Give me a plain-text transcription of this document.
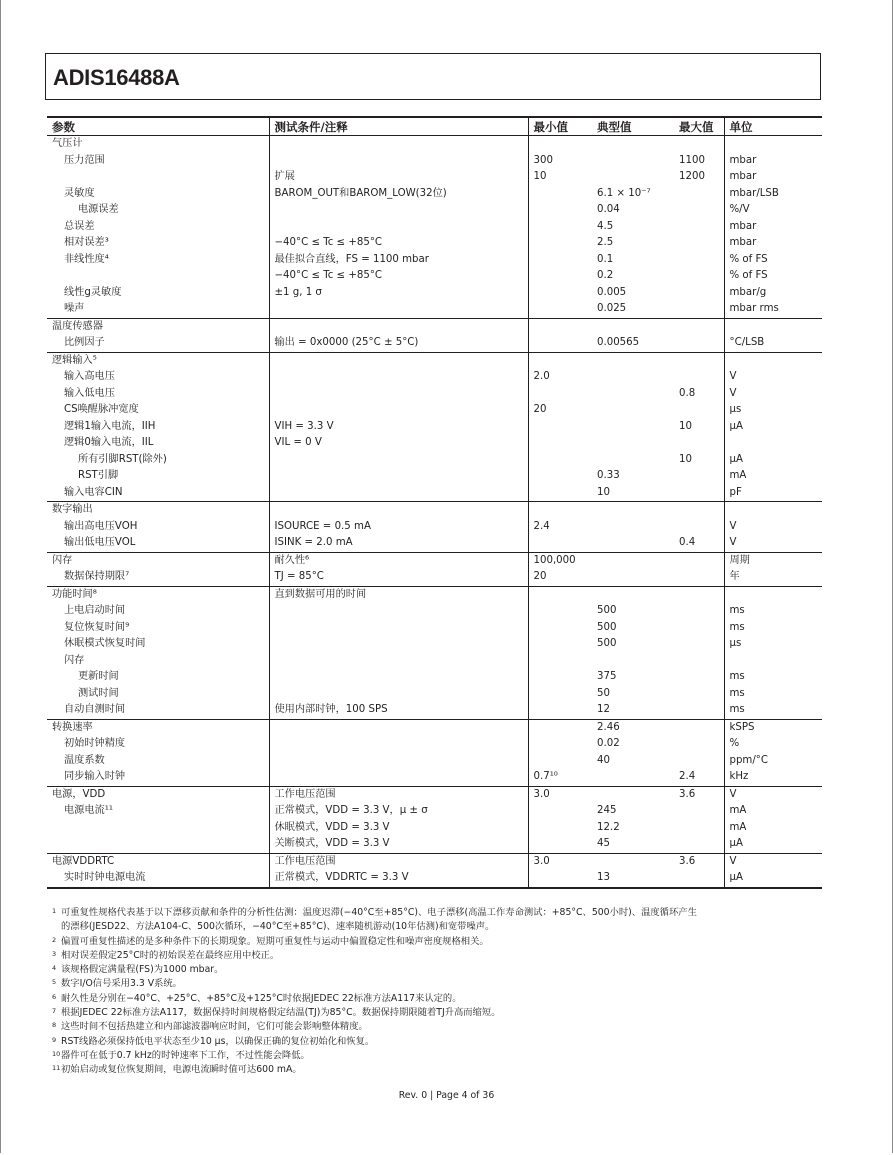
ADIS16488A
参数	测试条件/注释	最小值	典型值	最大值	单位
气压计					
压力范围		300		1100	mbar
	扩展	10		1200	mbar
灵敏度	BAROM_OUT和BAROM_LOW(32位)		6.1 × 10⁻⁷		mbar/LSB
电源误差			0.04		%/V
总误差			4.5		mbar
相对误差³	−40°C ≤ Tc ≤ +85°C		2.5		mbar
非线性度⁴	最佳拟合直线，FS = 1100 mbar		0.1		% of FS
	−40°C ≤ Tc ≤ +85°C		0.2		% of FS
线性g灵敏度	±1 g, 1 σ		0.005		mbar/g
噪声			0.025		mbar rms
温度传感器					
比例因子	输出 = 0x0000 (25°C ± 5°C)		0.00565		°C/LSB
逻辑输入⁵					
输入高电压		2.0			V
输入低电压				0.8	V
CS唤醒脉冲宽度		20			µs
逻辑1输入电流，IIH	VIH = 3.3 V			10	µA
逻辑0输入电流，IIL	VIL = 0 V				
所有引脚RST(除外)				10	µA
RST引脚			0.33		mA
输入电容CIN			10		pF
数字输出					
输出高电压VOH	ISOURCE = 0.5 mA	2.4			V
输出低电压VOL	ISINK = 2.0 mA			0.4	V
闪存	耐久性⁶	100,000			周期
数据保持期限⁷	TJ = 85°C	20			年
功能时间⁸	直到数据可用的时间				
上电启动时间			500		ms
复位恢复时间⁹			500		ms
休眠模式恢复时间			500		µs
闪存					
更新时间			375		ms
测试时间			50		ms
自动自测时间	使用内部时钟，100 SPS		12		ms
转换速率			2.46		kSPS
初始时钟精度			0.02		%
温度系数			40		ppm/°C
同步输入时钟		0.7¹⁰		2.4	kHz
电源，VDD	工作电压范围	3.0		3.6	V
电源电流¹¹	正常模式，VDD = 3.3 V，μ ± σ		245		mA
	休眠模式，VDD = 3.3 V		12.2		mA
	关断模式，VDD = 3.3 V		45		µA
电源VDDRTC	工作电压范围	3.0		3.6	V
实时时钟电源电流	正常模式，VDDRTC = 3.3 V		13		µA
1 可重复性规格代表基于以下漂移贡献和条件的分析性估测：温度迟滞(−40°C至+85°C)、电子漂移(高温工作寿命测试：+85°C、500小时)、温度循环产生
的漂移(JESD22、方法A104-C、500次循环，−40°C至+85°C)、速率随机游动(10年估测)和宽带噪声。
2 偏置可重复性描述的是多种条件下的长期现象。短期可重复性与运动中偏置稳定性和噪声密度规格相关。
3 相对误差假定25°C时的初始误差在最终应用中校正。
4 该规格假定满量程(FS)为1000 mbar。
5 数字I/O信号采用3.3 V系统。
6 耐久性是分别在−40°C、+25°C、+85°C及+125°C时依据JEDEC 22标准方法A117来认定的。
7 根据JEDEC 22标准方法A117，数据保持时间规格假定结温(TJ)为85°C。数据保持期限随着TJ升高而缩短。
8 这些时间不包括热建立和内部滤波器响应时间，它们可能会影响整体精度。
9 RST线路必须保持低电平状态至少10 µs，以确保正确的复位初始化和恢复。
10器件可在低于0.7 kHz的时钟速率下工作，不过性能会降低。
11初始启动或复位恢复期间，电源电流瞬时值可达600 mA。
Rev. 0 | Page 4 of 36
